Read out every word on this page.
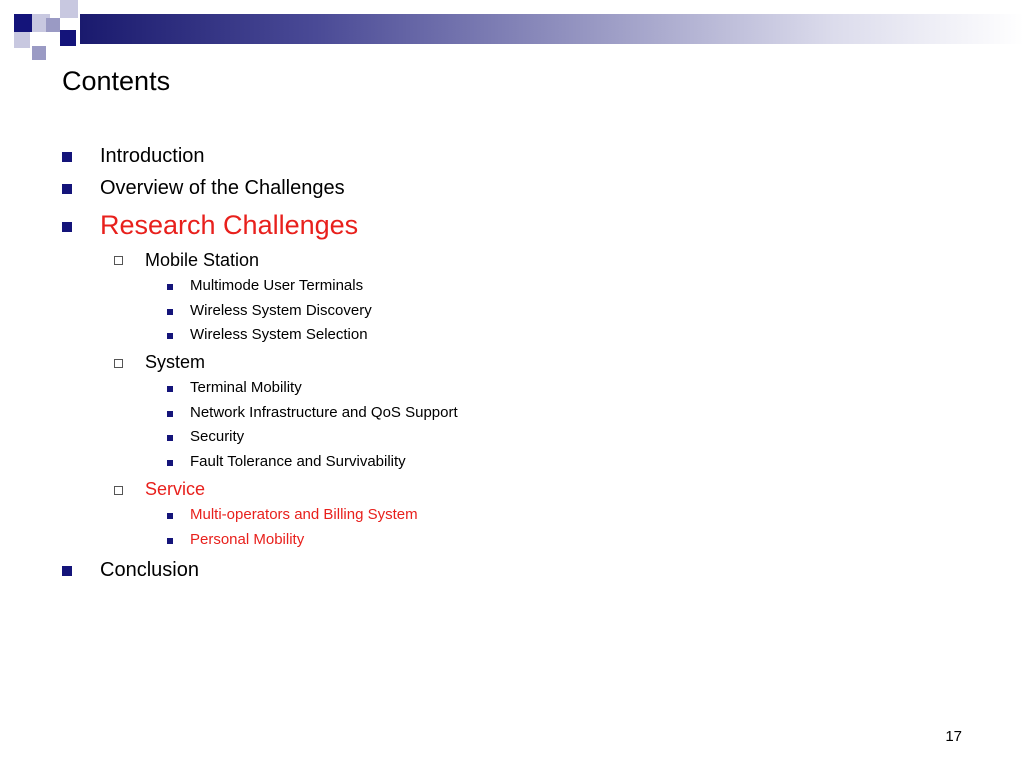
Contents
Introduction
Overview of the Challenges
Research Challenges
Mobile Station
Multimode User Terminals
Wireless System Discovery
Wireless System Selection
System
Terminal Mobility
Network Infrastructure and QoS Support
Security
Fault Tolerance and Survivability
Service
Multi-operators and Billing System
Personal Mobility
Conclusion
17
